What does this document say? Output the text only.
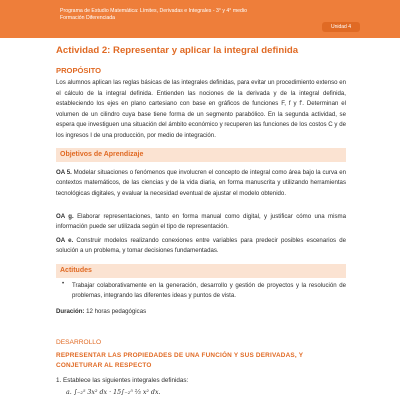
Programa de Estudio Matemática: Límites, Derivadas e Integrales - 3° y 4° medio
Formación Diferenciada
Unidad 4
Actividad 2: Representar y aplicar la integral definida
PROPÓSITO
Los alumnos aplican las reglas básicas de las integrales definidas, para evitar un procedimiento extenso en el cálculo de la integral definida. Entienden las nociones de la derivada y de la integral definida, estableciendo los ejes en plano cartesiano con base en gráficos de funciones F, f y f'. Determinan el volumen de un cilindro cuya base tiene forma de un segmento parabólico. En la segunda actividad, se espera que investiguen una situación del ámbito económico y recuperen las funciones de los costos C y de los ingresos I de una producción, por medio de integración.
Objetivos de Aprendizaje
OA 5. Modelar situaciones o fenómenos que involucren el concepto de integral como área bajo la curva en contextos matemáticos, de las ciencias y de la vida diaria, en forma manuscrita y utilizando herramientas tecnológicas digitales, y evaluar la necesidad eventual de ajustar el modelo obtenido.
OA g. Elaborar representaciones, tanto en forma manual como digital, y justificar cómo una misma información puede ser utilizada según el tipo de representación.
OA e. Construir modelos realizando conexiones entre variables para predecir posibles escenarios de solución a un problema, y tomar decisiones fundamentadas.
Actitudes
• Trabajar colaborativamente en la generación, desarrollo y gestión de proyectos y la resolución de problemas, integrando las diferentes ideas y puntos de vista.
Duración: 12 horas pedagógicas
DESARROLLO
REPRESENTAR LAS PROPIEDADES DE UNA FUNCIÓN Y SUS DERIVADAS, Y CONJETURAR AL RESPECTO
1. Establece las siguientes integrales definidas:
a. ∫₋₂⁵ 3x² dx · 15∫₋₂⁵ ⅔ x² dx.
